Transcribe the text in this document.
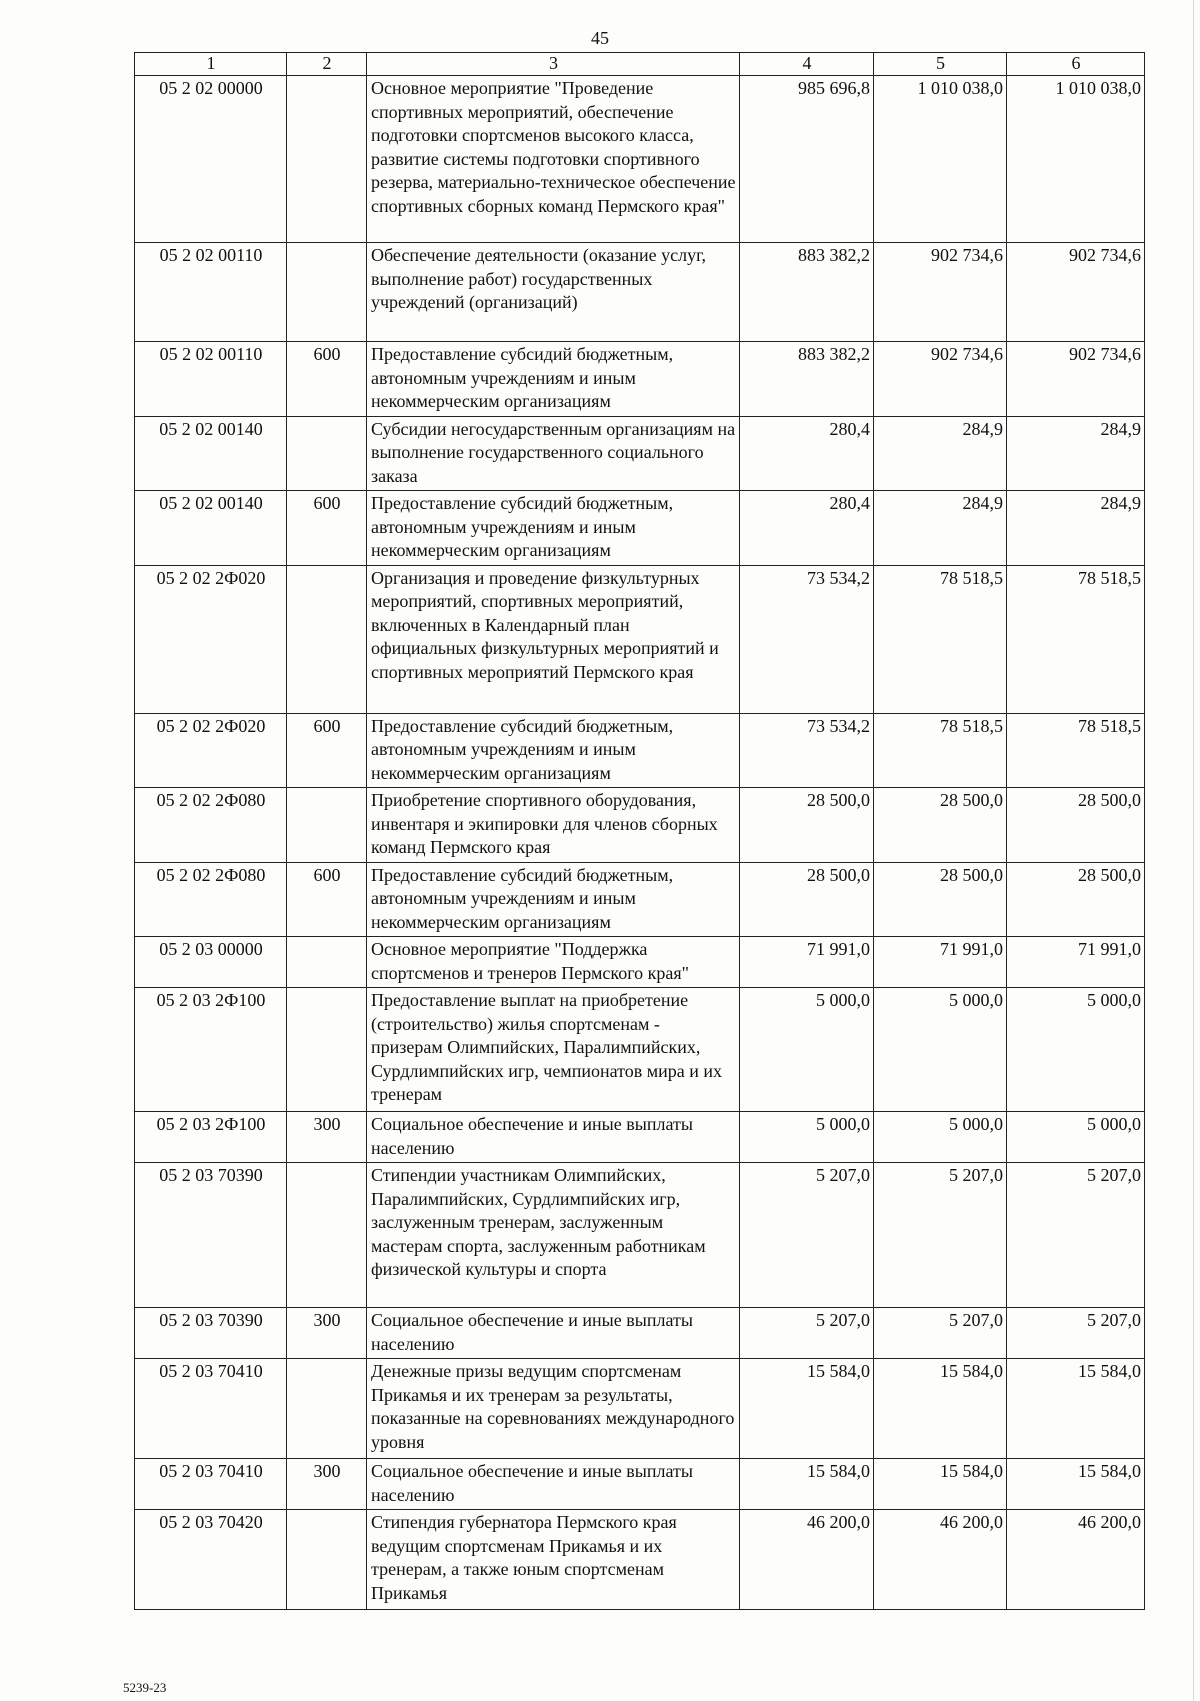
45
1	2	3	4	5	6
05 2 02 00000		Основное мероприятие "Проведение спортивных мероприятий, обеспечение подготовки спортсменов высокого класса, развитие системы подготовки спортивного резерва, материально-техническое обеспечение спортивных сборных команд Пермского края"	985 696,8	1 010 038,0	1 010 038,0
05 2 02 00110		Обеспечение деятельности (оказание услуг, выполнение работ) государственных учреждений (организаций)	883 382,2	902 734,6	902 734,6
05 2 02 00110	600	Предоставление субсидий бюджетным, автономным учреждениям и иным некоммерческим организациям	883 382,2	902 734,6	902 734,6
05 2 02 00140		Субсидии негосударственным организациям на выполнение государственного социального заказа	280,4	284,9	284,9
05 2 02 00140	600	Предоставление субсидий бюджетным, автономным учреждениям и иным некоммерческим организациям	280,4	284,9	284,9
05 2 02 2Ф020		Организация и проведение физкультурных мероприятий, спортивных мероприятий, включенных в Календарный план официальных физкультурных мероприятий и спортивных мероприятий Пермского края	73 534,2	78 518,5	78 518,5
05 2 02 2Ф020	600	Предоставление субсидий бюджетным, автономным учреждениям и иным некоммерческим организациям	73 534,2	78 518,5	78 518,5
05 2 02 2Ф080		Приобретение спортивного оборудования, инвентаря и экипировки для членов сборных команд Пермского края	28 500,0	28 500,0	28 500,0
05 2 02 2Ф080	600	Предоставление субсидий бюджетным, автономным учреждениям и иным некоммерческим организациям	28 500,0	28 500,0	28 500,0
05 2 03 00000		Основное мероприятие "Поддержка спортсменов и тренеров Пермского края"	71 991,0	71 991,0	71 991,0
05 2 03 2Ф100		Предоставление выплат на приобретение (строительство) жилья спортсменам - призерам Олимпийских, Паралимпийских, Сурдлимпийских игр, чемпионатов мира и их тренерам	5 000,0	5 000,0	5 000,0
05 2 03 2Ф100	300	Социальное обеспечение и иные выплаты населению	5 000,0	5 000,0	5 000,0
05 2 03 70390		Стипендии участникам Олимпийских, Паралимпийских, Сурдлимпийских игр, заслуженным тренерам, заслуженным мастерам спорта, заслуженным работникам физической культуры и спорта	5 207,0	5 207,0	5 207,0
05 2 03 70390	300	Социальное обеспечение и иные выплаты населению	5 207,0	5 207,0	5 207,0
05 2 03 70410		Денежные призы ведущим спортсменам Прикамья и их тренерам за результаты, показанные на соревнованиях международного уровня	15 584,0	15 584,0	15 584,0
05 2 03 70410	300	Социальное обеспечение и иные выплаты населению	15 584,0	15 584,0	15 584,0
05 2 03 70420		Стипендия губернатора Пермского края ведущим спортсменам Прикамья и их тренерам, а также юным спортсменам Прикамья	46 200,0	46 200,0	46 200,0
5239-23
